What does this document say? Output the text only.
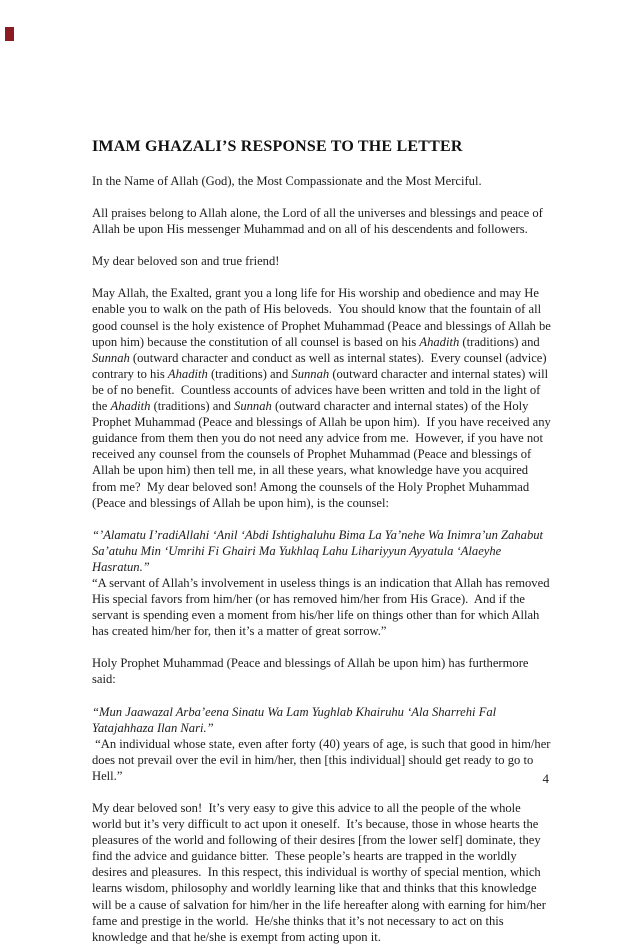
IMAM GHAZALI’S RESPONSE TO THE LETTER

In the Name of Allah (God), the Most Compassionate and the Most Merciful.

All praises belong to Allah alone, the Lord of all the universes and blessings and peace of Allah be upon His messenger Muhammad and on all of his descendents and followers.

My dear beloved son and true friend!

May Allah, the Exalted, grant you a long life for His worship and obedience and may He enable you to walk on the path of His beloveds.  You should know that the fountain of all good counsel is the holy existence of Prophet Muhammad (Peace and blessings of Allah be upon him) because the constitution of all counsel is based on his Ahadith (traditions) and Sunnah (outward character and conduct as well as internal states).  Every counsel (advice) contrary to his Ahadith (traditions) and Sunnah (outward character and internal states) will be of no benefit.  Countless accounts of advices have been written and told in the light of the Ahadith (traditions) and Sunnah (outward character and internal states) of the Holy Prophet Muhammad (Peace and blessings of Allah be upon him).  If you have received any guidance from them then you do not need any advice from me.  However, if you have not received any counsel from the counsels of Prophet Muhammad (Peace and blessings of Allah be upon him) then tell me, in all these years, what knowledge have you acquired from me?  My dear beloved son! Among the counsels of the Holy Prophet Muhammad (Peace and blessings of Allah be upon him), is the counsel:

“’Alamatu I’radiAllahi ‘Anil ‘Abdi Ishtighaluhu Bima La Ya’nehe Wa Inimra’un Zahabut Sa’atuhu Min ‘Umrihi Fi Ghairi Ma Yukhlaq Lahu Lihariyyun Ayyatula ‘Alaeyhe Hasratun.”
“A servant of Allah’s involvement in useless things is an indication that Allah has removed His special favors from him/her (or has removed him/her from His Grace).  And if the servant is spending even a moment from his/her life on things other than for which Allah has created him/her for, then it’s a matter of great sorrow.”

Holy Prophet Muhammad (Peace and blessings of Allah be upon him) has furthermore said:

“Mun Jaawazal Arba’eena Sinatu Wa Lam Yughlab Khairuhu ‘Ala Sharrehi Fal Yatajahhaza Ilan Nari.”
“An individual whose state, even after forty (40) years of age, is such that good in him/her does not prevail over the evil in him/her, then [this individual] should get ready to go to Hell.”

My dear beloved son!  It’s very easy to give this advice to all the people of the whole world but it’s very difficult to act upon it oneself.  It’s because, those in whose hearts the pleasures of the world and following of their desires [from the lower self] dominate, they find the advice and guidance bitter.  These people’s hearts are trapped in the worldly desires and pleasures.  In this respect, this individual is worthy of special mention, which learns wisdom, philosophy and worldly learning like that and thinks that this knowledge will be a cause of salvation for him/her in the life hereafter along with earning for him/her fame and prestige in the world.  He/she thinks that it’s not necessary to act on this knowledge and that he/she is exempt from acting upon it.

4
